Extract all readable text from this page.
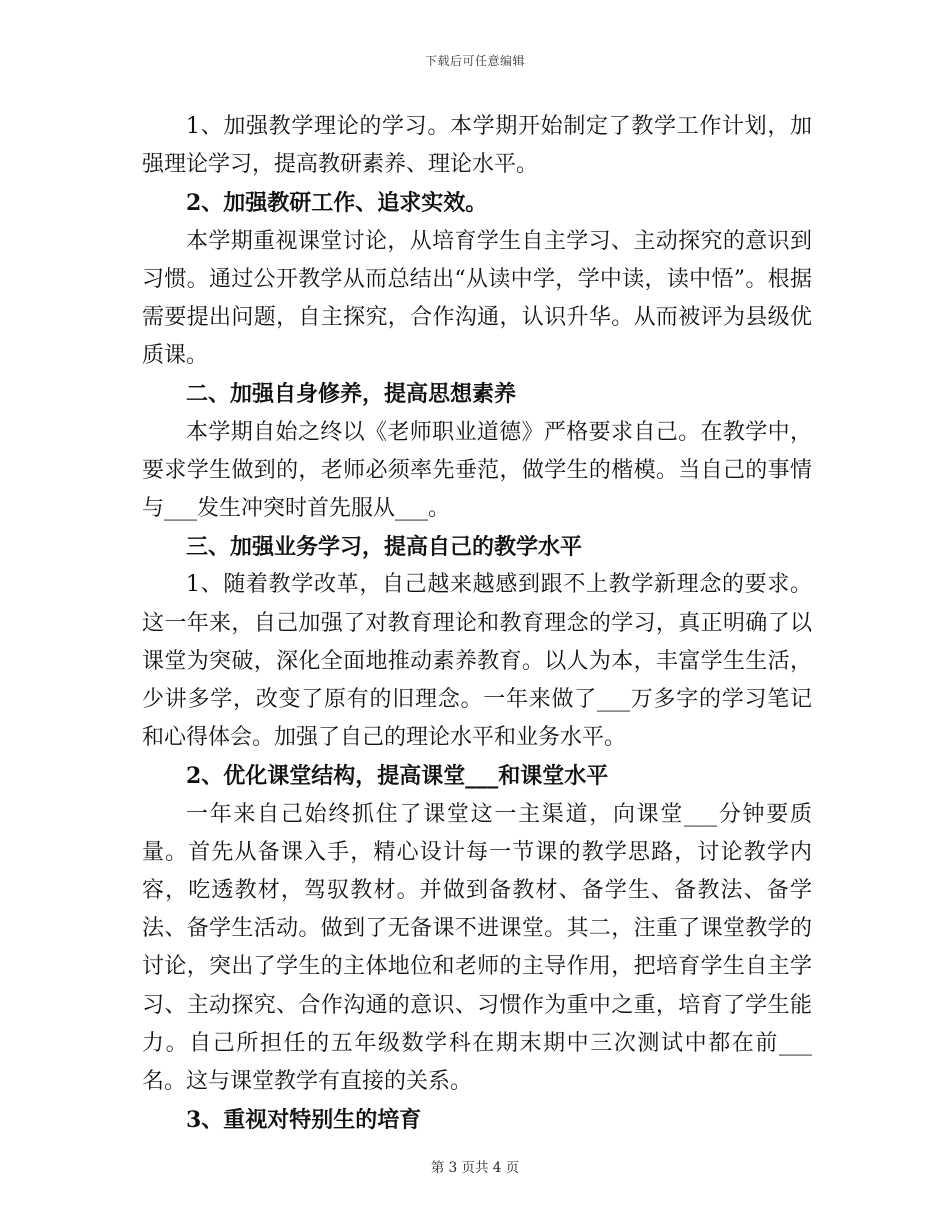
下载后可任意编辑

1、加强教学理论的学习。本学期开始制定了教学工作计划，加强理论学习，提高教研素养、理论水平。

2、加强教研工作、追求实效。

本学期重视课堂讨论，从培育学生自主学习、主动探究的意识到习惯。通过公开教学从而总结出“从读中学，学中读，读中悟”。根据需要提出问题，自主探究，合作沟通，认识升华。从而被评为县级优质课。

二、加强自身修养，提高思想素养

本学期自始之终以《老师职业道德》严格要求自己。在教学中，要求学生做到的，老师必须率先垂范，做学生的楷模。当自己的事情与___发生冲突时首先服从___。

三、加强业务学习，提高自己的教学水平

1、随着教学改革，自己越来越感到跟不上教学新理念的要求。这一年来，自己加强了对教育理论和教育理念的学习，真正明确了以课堂为突破，深化全面地推动素养教育。以人为本，丰富学生生活，少讲多学，改变了原有的旧理念。一年来做了___万多字的学习笔记和心得体会。加强了自己的理论水平和业务水平。

2、优化课堂结构，提高课堂___和课堂水平

一年来自己始终抓住了课堂这一主渠道，向课堂___分钟要质量。首先从备课入手，精心设计每一节课的教学思路，讨论教学内容，吃透教材，驾驭教材。并做到备教材、备学生、备教法、备学法、备学生活动。做到了无备课不进课堂。其二，注重了课堂教学的讨论，突出了学生的主体地位和老师的主导作用，把培育学生自主学习、主动探究、合作沟通的意识、习惯作为重中之重，培育了学生能力。自己所担任的五年级数学科在期末期中三次测试中都在前___名。这与课堂教学有直接的关系。

3、重视对特别生的培育

第 3 页共 4 页
